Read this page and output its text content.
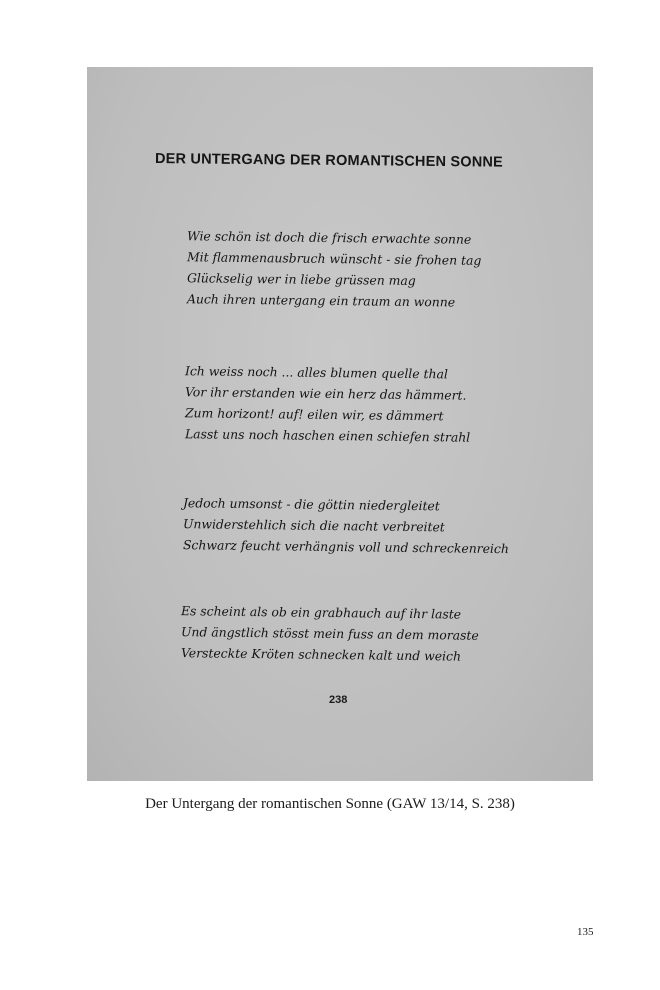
DER UNTERGANG DER ROMANTISCHEN SONNE
Wie schön ist doch die frisch erwachte sonne
Mit flammenausbruch wünscht - sie frohen tag
Glückselig wer in liebe grüssen mag
Auch ihren untergang ein traum an wonne
Ich weiss noch ... alles blumen quelle thal
Vor ihr erstanden wie ein herz das hämmert.
Zum horizont! auf! eilen wir, es dämmert
Lasst uns noch haschen einen schiefen strahl
Jedoch umsonst - die göttin niedergleitet
Unwiderstehlich sich die nacht verbreitet
Schwarz feucht verhängnis voll und schreckenreich
Es scheint als ob ein grabhauch auf ihr laste
Und ängstlich stösst mein fuss an dem moraste
Versteckte Kröten schnecken kalt und weich
238
Der Untergang der romantischen Sonne (GAW 13/14, S. 238)
135
